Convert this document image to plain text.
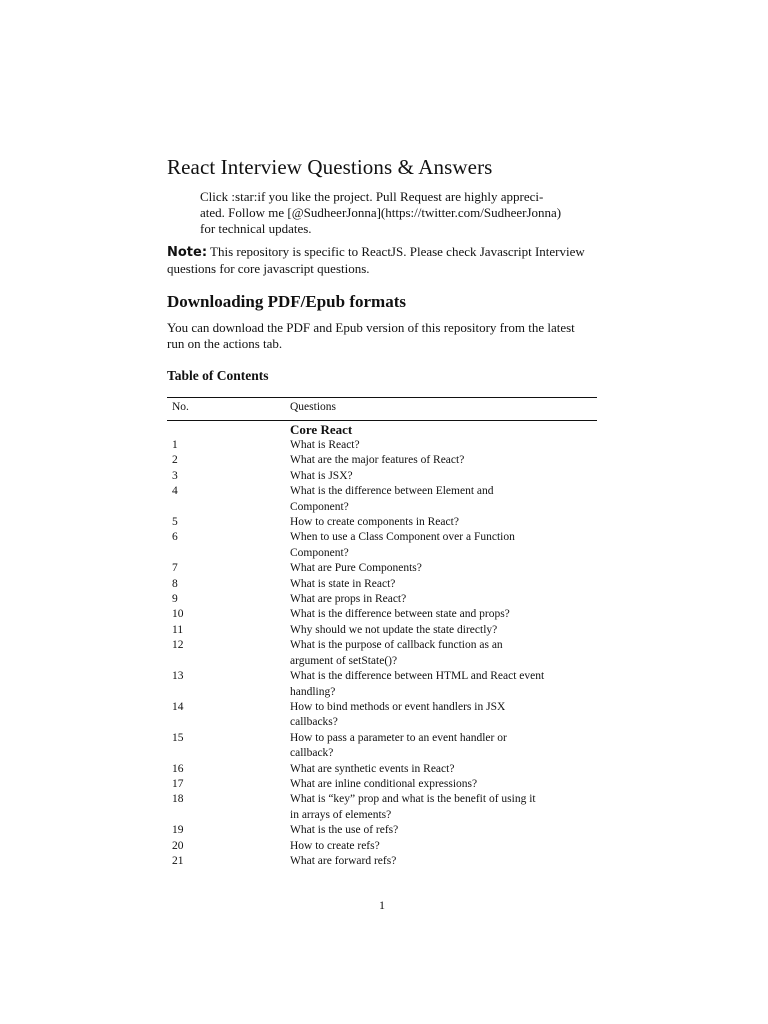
React Interview Questions & Answers
Click :star:if you like the project. Pull Request are highly appreci-
ated. Follow me [@SudheerJonna](https://twitter.com/SudheerJonna)
for technical updates.
Note: This repository is specific to ReactJS. Please check Javascript Interview
questions for core javascript questions.
Downloading PDF/Epub formats
You can download the PDF and Epub version of this repository from the latest
run on the actions tab.
Table of Contents
No.	Questions
Core React
1	What is React?
2	What are the major features of React?
3	What is JSX?
4	What is the difference between Element and
Component?
5	How to create components in React?
6	When to use a Class Component over a Function
Component?
7	What are Pure Components?
8	What is state in React?
9	What are props in React?
10	What is the difference between state and props?
11	Why should we not update the state directly?
12	What is the purpose of callback function as an
argument of setState()?
13	What is the difference between HTML and React event
handling?
14	How to bind methods or event handlers in JSX
callbacks?
15	How to pass a parameter to an event handler or
callback?
16	What are synthetic events in React?
17	What are inline conditional expressions?
18	What is “key” prop and what is the benefit of using it
in arrays of elements?
19	What is the use of refs?
20	How to create refs?
21	What are forward refs?
1
